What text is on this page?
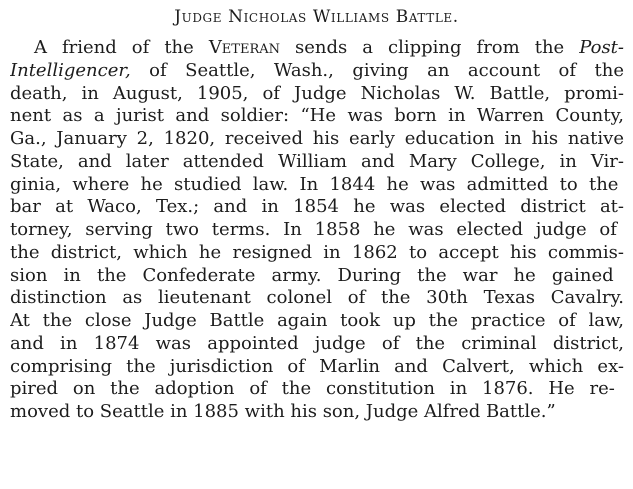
Judge Nicholas Williams Battle.
A friend of the Veteran sends a clipping from the Post-
Intelligencer, of Seattle, Wash., giving an account of the
death, in August, 1905, of Judge Nicholas W. Battle, promi-
nent as a jurist and soldier: “He was born in Warren County,
Ga., January 2, 1820, received his early education in his native
State, and later attended William and Mary College, in Vir-
ginia, where he studied law. In 1844 he was admitted to the
bar at Waco, Tex.; and in 1854 he was elected district at-
torney, serving two terms. In 1858 he was elected judge of
the district, which he resigned in 1862 to accept his commis-
sion in the Confederate army. During the war he gained
distinction as lieutenant colonel of the 30th Texas Cavalry.
At the close Judge Battle again took up the practice of law,
and in 1874 was appointed judge of the criminal district,
comprising the jurisdiction of Marlin and Calvert, which ex-
pired on the adoption of the constitution in 1876. He re-
moved to Seattle in 1885 with his son, Judge Alfred Battle.”
